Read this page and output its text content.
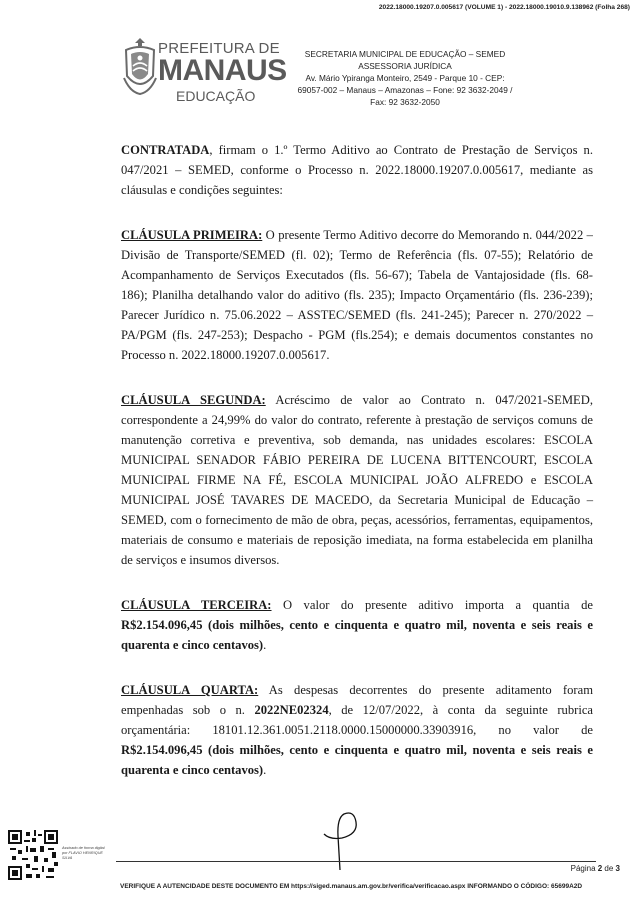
2022.18000.19207.0.005617 (VOLUME 1) - 2022.18000.19010.9.138962 (Folha 268)
PREFEITURA DE
MANAUS
EDUCAÇÃO
SECRETARIA MUNICIPAL DE EDUCAÇÃO – SEMED
ASSESSORIA JURÍDICA
Av. Mário Ypiranga Monteiro, 2549 - Parque 10 - CEP:
69057-002 – Manaus – Amazonas – Fone: 92 3632-2049 /
Fax: 92 3632-2050

CONTRATADA, firmam o 1.º Termo Aditivo ao Contrato de Prestação de Serviços n. 047/2021 – SEMED, conforme o Processo n. 2022.18000.19207.0.005617, mediante as cláusulas e condições seguintes:

CLÁUSULA PRIMEIRA: O presente Termo Aditivo decorre do Memorando n. 044/2022 – Divisão de Transporte/SEMED (fl. 02); Termo de Referência (fls. 07-55); Relatório de Acompanhamento de Serviços Executados (fls. 56-67); Tabela de Vantajosidade (fls. 68-186); Planilha detalhando valor do aditivo (fls. 235); Impacto Orçamentário (fls. 236-239); Parecer Jurídico n. 75.06.2022 – ASSTEC/SEMED (fls. 241-245); Parecer n. 270/2022 – PA/PGM (fls. 247-253); Despacho - PGM (fls.254); e demais documentos constantes no Processo n. 2022.18000.19207.0.005617.

CLÁUSULA SEGUNDA: Acréscimo de valor ao Contrato n. 047/2021-SEMED, correspondente a 24,99% do valor do contrato, referente à prestação de serviços comuns de manutenção corretiva e preventiva, sob demanda, nas unidades escolares: ESCOLA MUNICIPAL SENADOR FÁBIO PEREIRA DE LUCENA BITTENCOURT, ESCOLA MUNICIPAL FIRME NA FÉ, ESCOLA MUNICIPAL JOÃO ALFREDO e ESCOLA MUNICIPAL JOSÉ TAVARES DE MACEDO, da Secretaria Municipal de Educação – SEMED, com o fornecimento de mão de obra, peças, acessórios, ferramentas, equipamentos, materiais de consumo e materiais de reposição imediata, na forma estabelecida em planilha de serviços e insumos diversos.

CLÁUSULA TERCEIRA: O valor do presente aditivo importa a quantia de R$2.154.096,45 (dois milhões, cento e cinquenta e quatro mil, noventa e seis reais e quarenta e cinco centavos).

CLÁUSULA QUARTA: As despesas decorrentes do presente aditamento foram empenhadas sob o n. 2022NE02324, de 12/07/2022, à conta da seguinte rubrica orçamentária: 18101.12.361.0051.2118.0000.15000000.33903916, no valor de R$2.154.096,45 (dois milhões, cento e cinquenta e quatro mil, noventa e seis reais e quarenta e cinco centavos).

Assinado de forma digital por FLAVIO HENRIQUE SILVA
Página 2 de 3
VERIFIQUE A AUTENCIDADE DESTE DOCUMENTO EM https://siged.manaus.am.gov.br/verifica/verificacao.aspx INFORMANDO O CÓDIGO: 65699A2D
